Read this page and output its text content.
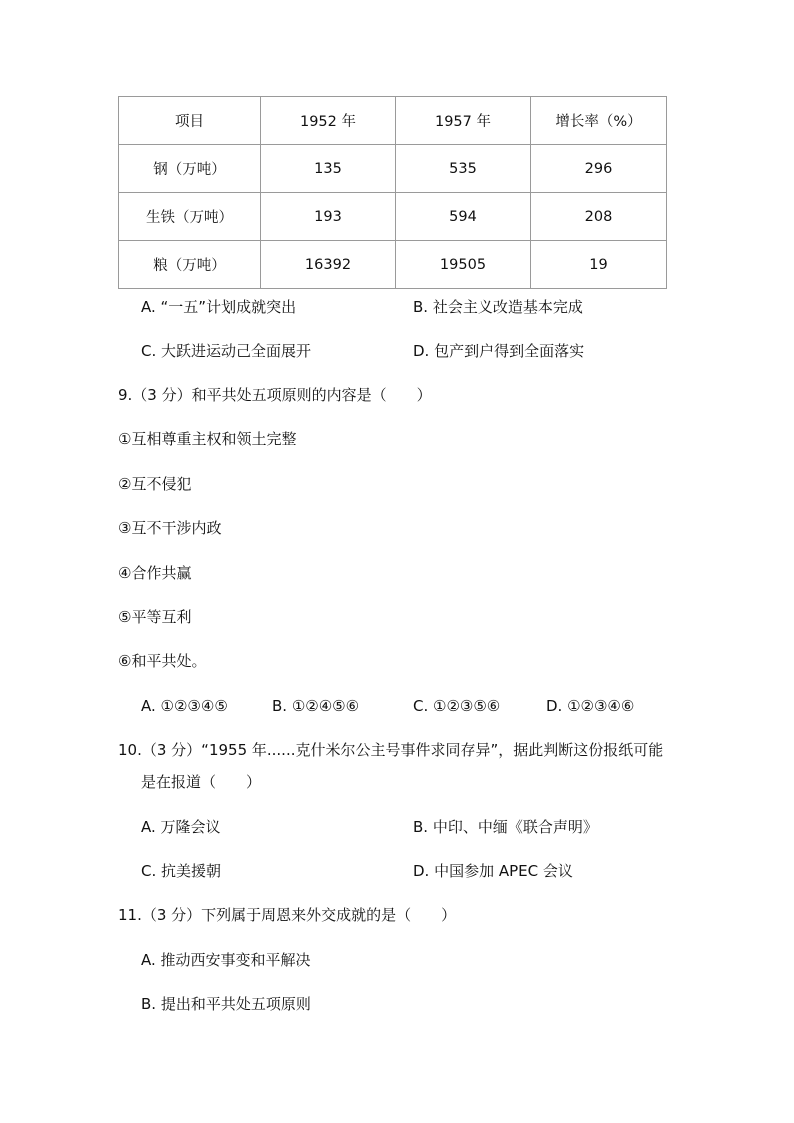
项目	1952 年	1957 年	增长率（%）
钢（万吨）	135	535	296
生铁（万吨）	193	594	208
粮（万吨）	16392	19505	19
A. “一五”计划成就突出	B. 社会主义改造基本完成
C. 大跃进运动己全面展开	D. 包产到户得到全面落实
9.（3 分）和平共处五项原则的内容是（　　）
①互相尊重主权和领土完整
②互不侵犯
③互不干涉内政
④合作共赢
⑤平等互利
⑥和平共处。
A. ①②③④⑤	B. ①②④⑤⑥	C. ①②③⑤⑥	D. ①②③④⑥
10.（3 分）“1955 年......克什米尔公主号事件求同存异”，据此判断这份报纸可能
是在报道（　　）
A. 万隆会议	B. 中印、中缅《联合声明》
C. 抗美援朝	D. 中国参加 APEC 会议
11.（3 分）下列属于周恩来外交成就的是（　　）
A. 推动西安事变和平解决
B. 提出和平共处五项原则
